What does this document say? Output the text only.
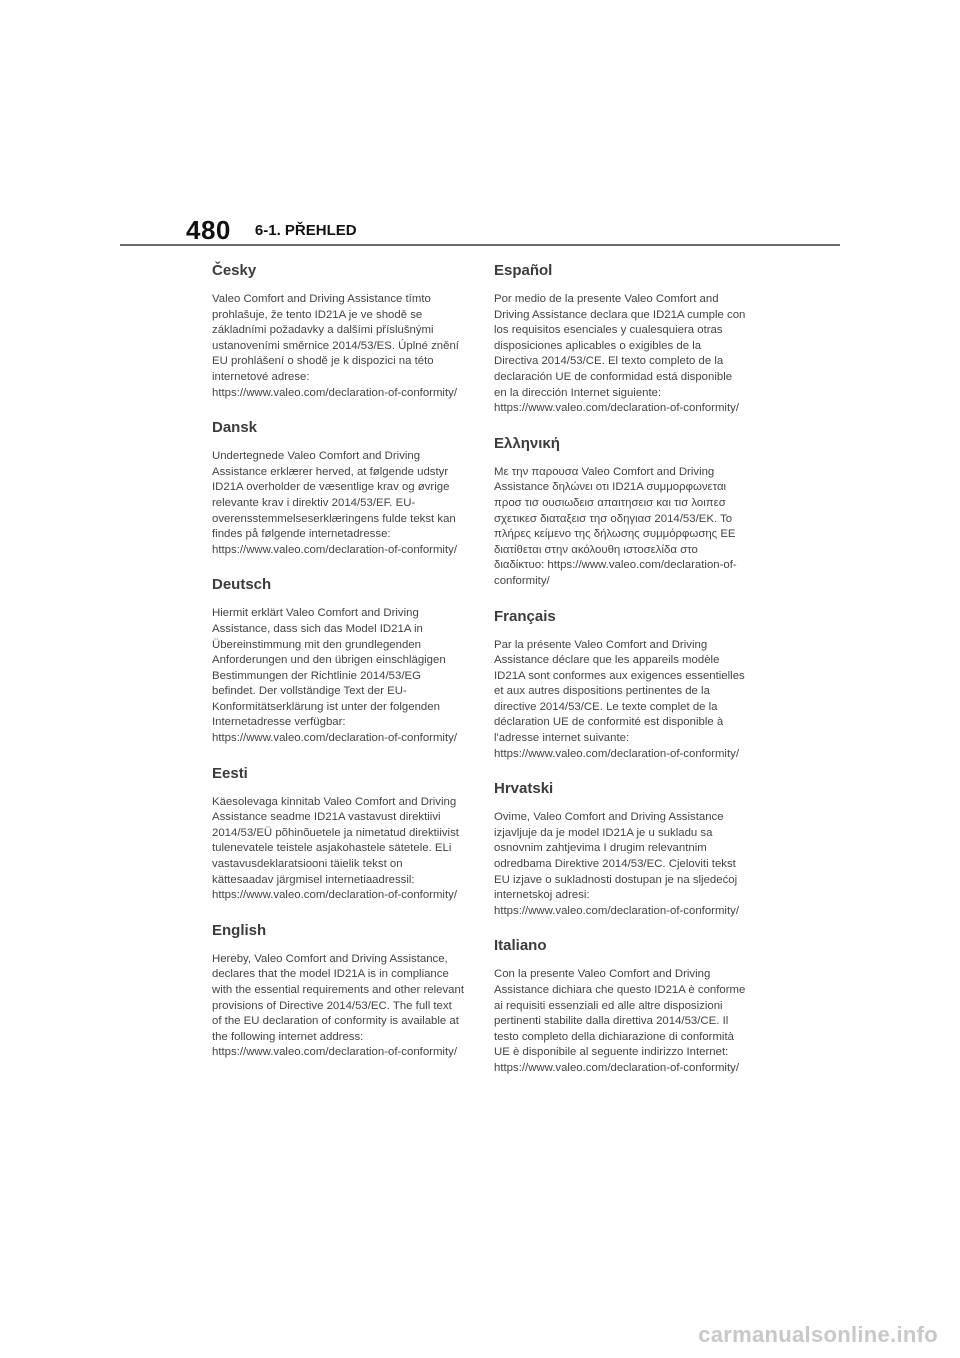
480 6-1. PŘEHLED
Česky

Valeo Comfort and Driving Assistance tímto prohlašuje, že tento ID21A je ve shodě se základními požadavky a dalšími příslušnými ustanoveními směrnice 2014/53/ES. Úplné znění EU prohlášení o shodě je k dispozici na této internetové adrese: https://www.valeo.com/declaration-of-conformity/

Dansk

Undertegnede Valeo Comfort and Driving Assistance erklærer herved, at følgende udstyr ID21A overholder de væsentlige krav og øvrige relevante krav i direktiv 2014/53/EF. EU-overensstemmelseserklæringens fulde tekst kan findes på følgende internetadresse: https://www.valeo.com/declaration-of-conformity/

Deutsch

Hiermit erklärt Valeo Comfort and Driving Assistance, dass sich das Model ID21A in Übereinstimmung mit den grundlegenden Anforderungen und den übrigen einschlägigen Bestimmungen der Richtlinie 2014/53/EG befindet. Der vollständige Text der EU-Konformitätserklärung ist unter der folgenden Internetadresse verfügbar: https://www.valeo.com/declaration-of-conformity/

Eesti

Käesolevaga kinnitab Valeo Comfort and Driving Assistance seadme ID21A vastavust direktiivi 2014/53/EÜ põhinõuetele ja nimetatud direktiivist tulenevatele teistele asjakohastele sätetele. ELi vastavusdeklaratsiooni täielik tekst on kättesaadav järgmisel internetiaadressil: https://www.valeo.com/declaration-of-conformity/

English

Hereby, Valeo Comfort and Driving Assistance, declares that the model ID21A is in compliance with the essential requirements and other relevant provisions of Directive 2014/53/EC. The full text of the EU declaration of conformity is available at the following internet address: https://www.valeo.com/declaration-of-conformity/

Español

Por medio de la presente Valeo Comfort and Driving Assistance declara que ID21A cumple con los requisitos esenciales y cualesquiera otras disposiciones aplicables o exigibles de la Directiva 2014/53/CE. El texto completo de la declaración UE de conformidad está disponible en la dirección Internet siguiente: https://www.valeo.com/declaration-of-conformity/

Ελληνική

Με την παρουσα Valeo Comfort and Driving Assistance δηλώνει οτι ID21A συμμορφωνεται προσ τισ ουσιωδεισ απαιτησεισ και τισ λοιπεσ σχετικεσ διαταξεισ τησ οδηγιασ 2014/53/ΕΚ. Το πλήρες κείμενο της δήλωσης συμμόρφωσης ΕΕ διατίθεται στην ακόλουθη ιστοσελίδα στο διαδίκτυο: https://www.valeo.com/declaration-of-conformity/

Français

Par la présente Valeo Comfort and Driving Assistance déclare que les appareils modèle ID21A sont conformes aux exigences essentielles et aux autres dispositions pertinentes de la directive 2014/53/CE. Le texte complet de la déclaration UE de conformité est disponible à l'adresse internet suivante: https://www.valeo.com/declaration-of-conformity/

Hrvatski

Ovime, Valeo Comfort and Driving Assistance izjavljuje da je model ID21A je u sukladu sa osnovnim zahtjevima I drugim relevantnim odredbama Direktive 2014/53/EC. Cjeloviti tekst EU izjave o sukladnosti dostupan je na sljedećoj internetskoj adresi: https://www.valeo.com/declaration-of-conformity/

Italiano

Con la presente Valeo Comfort and Driving Assistance dichiara che questo ID21A è conforme ai requisiti essenziali ed alle altre disposizioni pertinenti stabilite dalla direttiva 2014/53/CE. Il testo completo della dichiarazione di conformità UE è disponibile al seguente indirizzo Internet: https://www.valeo.com/declaration-of-conformity/

carmanualsonline.info
